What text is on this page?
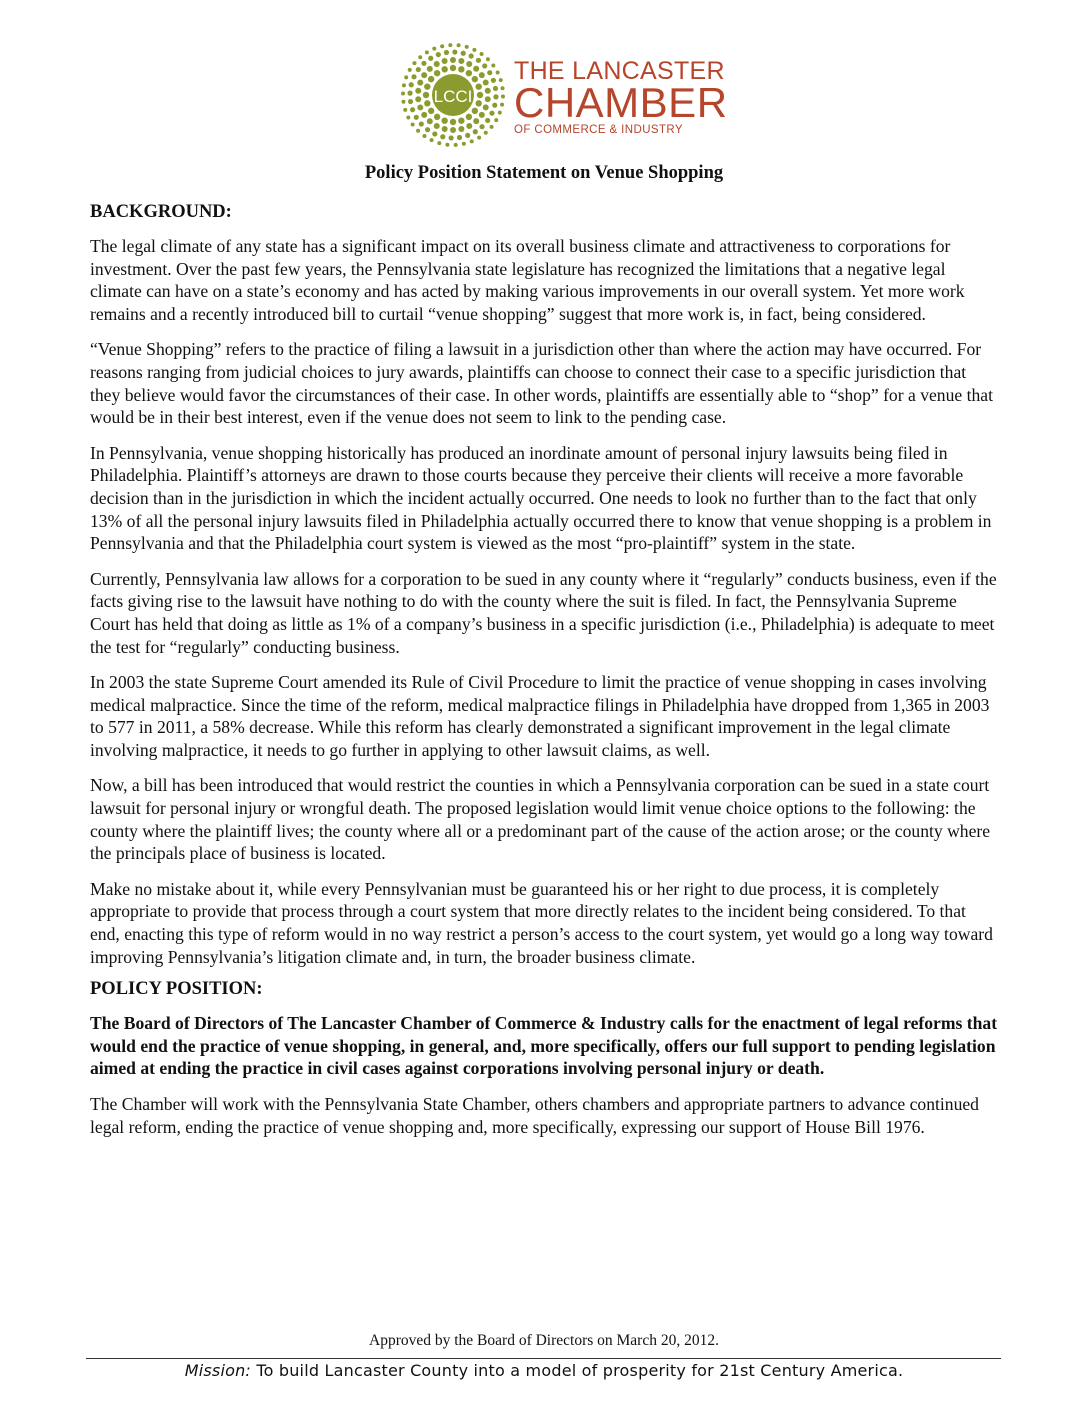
LCCI
THE LANCASTER
CHAMBER
OF COMMERCE & INDUSTRY
Policy Position Statement on Venue Shopping
BACKGROUND:

The legal climate of any state has a significant impact on its overall business climate and attractiveness to corporations for investment. Over the past few years, the Pennsylvania state legislature has recognized the limitations that a negative legal climate can have on a state’s economy and has acted by making various improvements in our overall system. Yet more work remains and a recently introduced bill to curtail “venue shopping” suggest that more work is, in fact, being considered.

“Venue Shopping” refers to the practice of filing a lawsuit in a jurisdiction other than where the action may have occurred. For reasons ranging from judicial choices to jury awards, plaintiffs can choose to connect their case to a specific jurisdiction that they believe would favor the circumstances of their case. In other words, plaintiffs are essentially able to “shop” for a venue that would be in their best interest, even if the venue does not seem to link to the pending case.

In Pennsylvania, venue shopping historically has produced an inordinate amount of personal injury lawsuits being filed in Philadelphia. Plaintiff’s attorneys are drawn to those courts because they perceive their clients will receive a more favorable decision than in the jurisdiction in which the incident actually occurred. One needs to look no further than to the fact that only 13% of all the personal injury lawsuits filed in Philadelphia actually occurred there to know that venue shopping is a problem in Pennsylvania and that the Philadelphia court system is viewed as the most “pro-plaintiff” system in the state.

Currently, Pennsylvania law allows for a corporation to be sued in any county where it “regularly” conducts business, even if the facts giving rise to the lawsuit have nothing to do with the county where the suit is filed. In fact, the Pennsylvania Supreme Court has held that doing as little as 1% of a company’s business in a specific jurisdiction (i.e., Philadelphia) is adequate to meet the test for “regularly” conducting business.

In 2003 the state Supreme Court amended its Rule of Civil Procedure to limit the practice of venue shopping in cases involving medical malpractice. Since the time of the reform, medical malpractice filings in Philadelphia have dropped from 1,365 in 2003 to 577 in 2011, a 58% decrease. While this reform has clearly demonstrated a significant improvement in the legal climate involving malpractice, it needs to go further in applying to other lawsuit claims, as well.

Now, a bill has been introduced that would restrict the counties in which a Pennsylvania corporation can be sued in a state court lawsuit for personal injury or wrongful death. The proposed legislation would limit venue choice options to the following: the county where the plaintiff lives; the county where all or a predominant part of the cause of the action arose; or the county where the principals place of business is located.

Make no mistake about it, while every Pennsylvanian must be guaranteed his or her right to due process, it is completely appropriate to provide that process through a court system that more directly relates to the incident being considered. To that end, enacting this type of reform would in no way restrict a person’s access to the court system, yet would go a long way toward improving Pennsylvania’s litigation climate and, in turn, the broader business climate.

POLICY POSITION:

The Board of Directors of The Lancaster Chamber of Commerce & Industry calls for the enactment of legal reforms that would end the practice of venue shopping, in general, and, more specifically, offers our full support to pending legislation aimed at ending the practice in civil cases against corporations involving personal injury or death.

The Chamber will work with the Pennsylvania State Chamber, others chambers and appropriate partners to advance continued legal reform, ending the practice of venue shopping and, more specifically, expressing our support of House Bill 1976.

Approved by the Board of Directors on March 20, 2012.
Mission: To build Lancaster County into a model of prosperity for 21st Century America.
